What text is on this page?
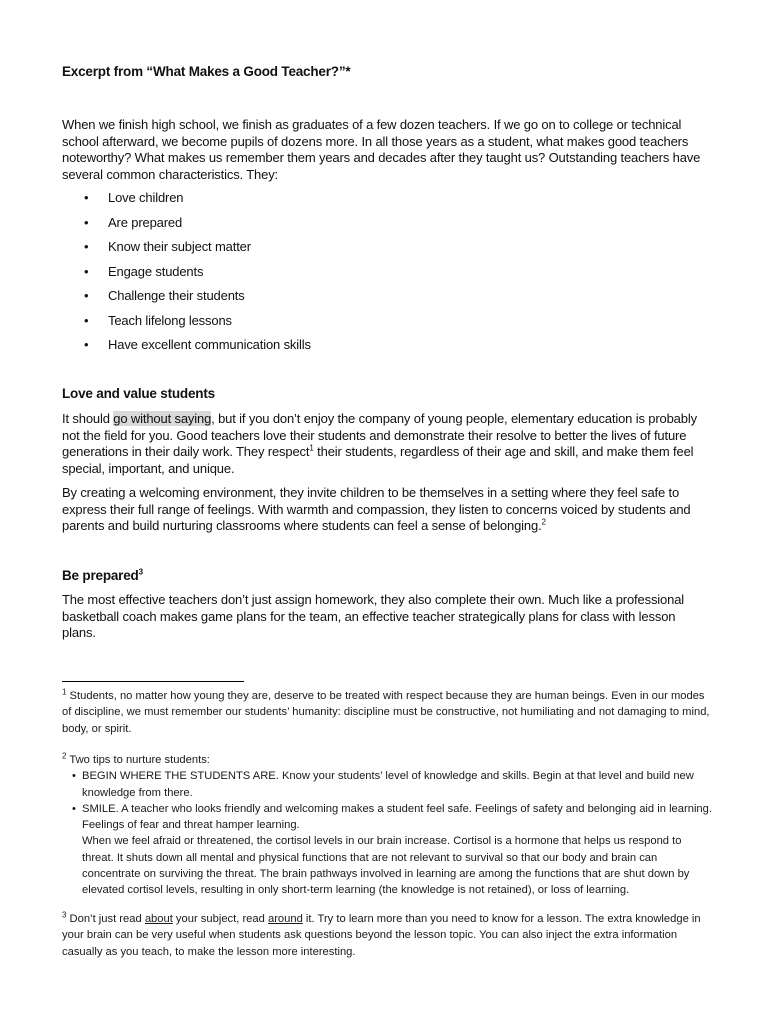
Excerpt from “What Makes a Good Teacher?”*

When we finish high school, we finish as graduates of a few dozen teachers. If we go on to college or technical school afterward, we become pupils of dozens more. In all those years as a student, what makes good teachers noteworthy? What makes us remember them years and decades after they taught us? Outstanding teachers have several common characteristics. They:

• Love children
• Are prepared
• Know their subject matter
• Engage students
• Challenge their students
• Teach lifelong lessons
• Have excellent communication skills
Love and value students

It should go without saying, but if you don’t enjoy the company of young people, elementary education is probably not the field for you. Good teachers love their students and demonstrate their resolve to better the lives of future generations in their daily work. They respect$^1$ their students, regardless of their age and skill, and make them feel special, important, and unique.

By creating a welcoming environment, they invite children to be themselves in a setting where they feel safe to express their full range of feelings. With warmth and compassion, they listen to concerns voiced by students and parents and build nurturing classrooms where students can feel a sense of belonging.$^2$

Be prepared$^3$

The most effective teachers don’t just assign homework, they also complete their own. Much like a professional basketball coach makes game plans for the team, an effective teacher strategically plans for class with lesson plans.

$^1$ Students, no matter how young they are, deserve to be treated with respect because they are human beings. Even in our modes of discipline, we must remember our students’ humanity: discipline must be constructive, not humiliating and not damaging to mind, body, or spirit.

$^2$ Two tips to nurture students:
• BEGIN WHERE THE STUDENTS ARE. Know your students’ level of knowledge and skills. Begin at that level and build new knowledge from there.
• SMILE. A teacher who looks friendly and welcoming makes a student feel safe. Feelings of safety and belonging aid in learning. Feelings of fear and threat hamper learning.
When we feel afraid or threatened, the cortisol levels in our brain increase. Cortisol is a hormone that helps us respond to threat. It shuts down all mental and physical functions that are not relevant to survival so that our body and brain can concentrate on surviving the threat. The brain pathways involved in learning are among the functions that are shut down by elevated cortisol levels, resulting in only short-term learning (the knowledge is not retained), or loss of learning.

$^3$ Don’t just read about your subject, read around it. Try to learn more than you need to know for a lesson. The extra knowledge in your brain can be very useful when students ask questions beyond the lesson topic. You can also inject the extra information casually as you teach, to make the lesson more interesting.
